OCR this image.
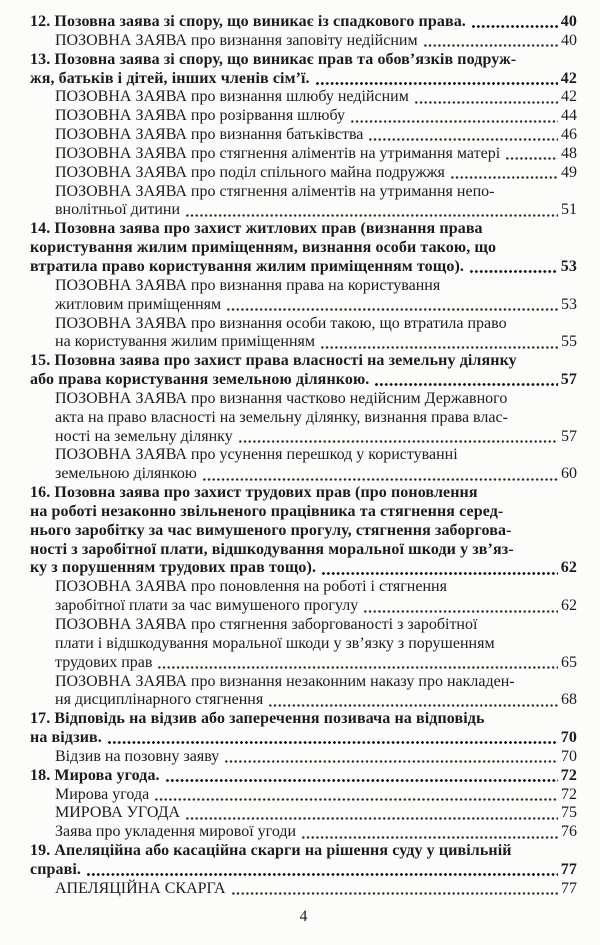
12. Позовна заява зі спору, що виникає із спадкового права.	40
ПОЗОВНА ЗАЯВА про визнання заповіту недійсним	40
13. Позовна заява зі спору, що виникає прав та обов’язків подруж-
жя, батьків і дітей, інших членів сім’ї.	42
ПОЗОВНА ЗАЯВА про визнання шлюбу недійсним	42
ПОЗОВНА ЗАЯВА про розірвання шлюбу	44
ПОЗОВНА ЗАЯВА про визнання батьківства	46
ПОЗОВНА ЗАЯВА про стягнення аліментів на утримання матері	48
ПОЗОВНА ЗАЯВА про поділ спільного майна подружжя	49
ПОЗОВНА ЗАЯВА про стягнення аліментів на утримання непо-
внолітньої дитини	51
14. Позовна заява про захист житлових прав (визнання права
користування жилим приміщенням, визнання особи такою, що
втратила право користування жилим приміщенням тощо).	53
ПОЗОВНА ЗАЯВА про визнання права на користування
житловим приміщенням	53
ПОЗОВНА ЗАЯВА про визнання особи такою, що втратила право
на користування жилим приміщенням	55
15. Позовна заява про захист права власності на земельну ділянку
або права користування земельною ділянкою.	57
ПОЗОВНА ЗАЯВА про визнання частково недійсним Державного
акта на право власності на земельну ділянку, визнання права влас-
ності на земельну ділянку	57
ПОЗОВНА ЗАЯВА про усунення перешкод у користуванні
земельною ділянкою	60
16. Позовна заява про захист трудових прав (про поновлення
на роботі незаконно звільненого працівника та стягнення серед-
нього заробітку за час вимушеного прогулу, стягнення заборгова-
ності з заробітної плати, відшкодування моральної шкоди у зв’яз-
ку з порушенням трудових прав тощо).	62
ПОЗОВНА ЗАЯВА про поновлення на роботі і стягнення
заробітної плати за час вимушеного прогулу	62
ПОЗОВНА ЗАЯВА про стягнення заборгованості з заробітної
плати і відшкодування моральної шкоди у зв’язку з порушенням
трудових прав	65
ПОЗОВНА ЗАЯВА про визнання незаконним наказу про накладен-
ня дисциплінарного стягнення	68
17. Відповідь на відзив або заперечення позивача на відповідь
на відзив.	70
Відзив на позовну заяву	70
18. Мирова угода.	72
Мирова угода	72
МИРОВА УГОДА	75
Заява про укладення мирової угоди	76
19. Апеляційна або касаційна скарги на рішення суду у цивільній
справі.	77
АПЕЛЯЦІЙНА СКАРГА	77
4
